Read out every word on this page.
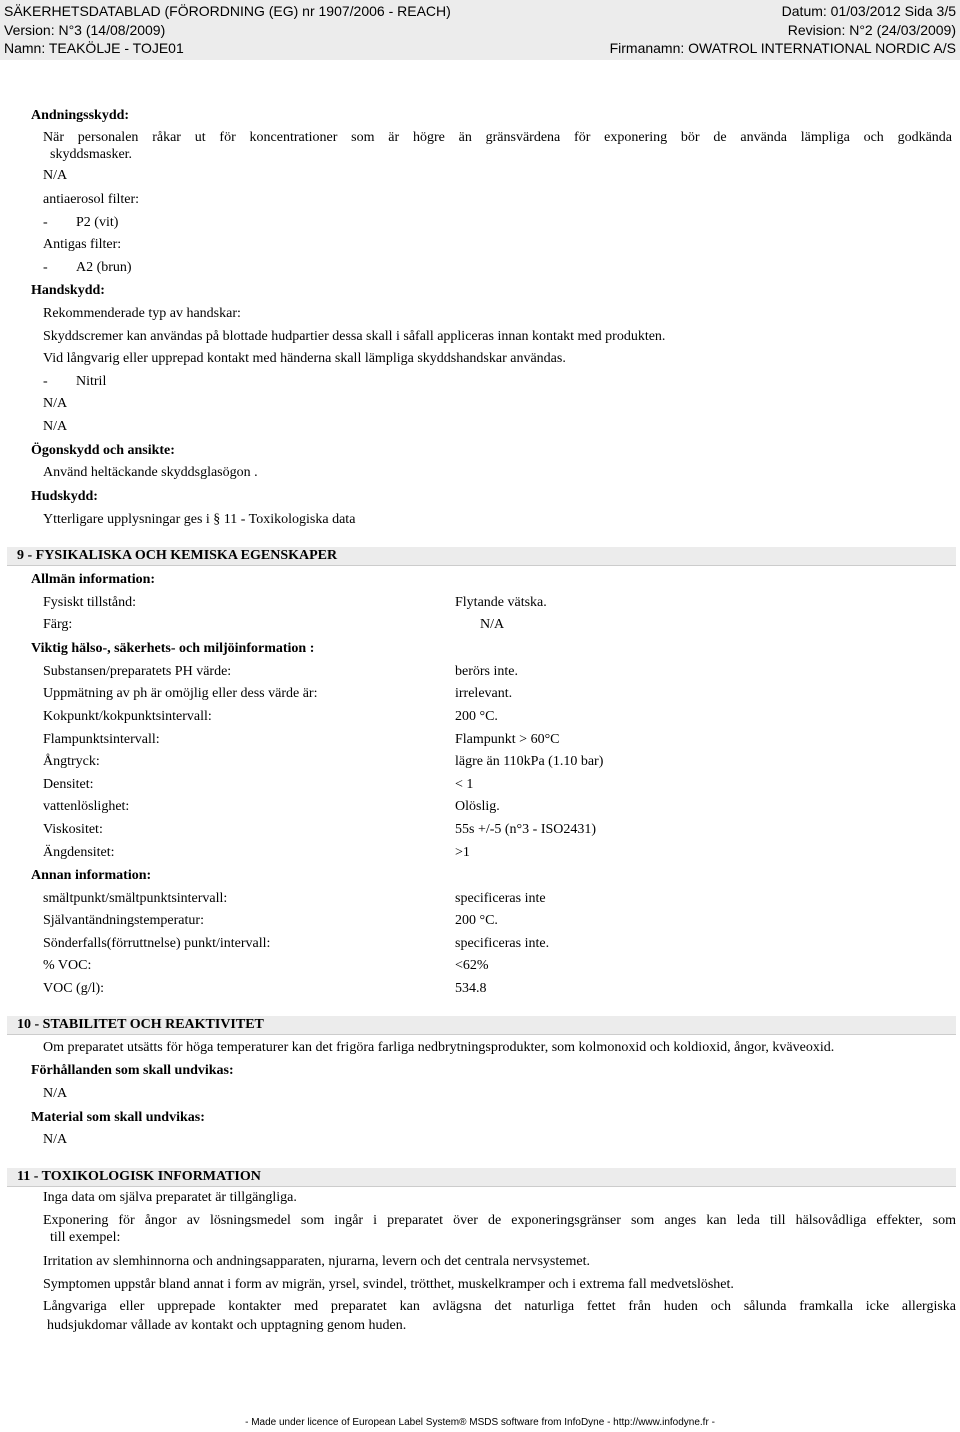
SÄKERHETSDATABLAD (FÖRORDNING (EG) nr 1907/2006 - REACH)	Datum: 01/03/2012 Sida 3/5
Version: N°3 (14/08/2009)	Revision: N°2 (24/03/2009)
Namn: TEAKÖLJE - TOJE01	Firmanamn: OWATROL INTERNATIONAL NORDIC A/S
Andningsskydd:
När personalen råkar ut för koncentrationer som är högre än gränsvärdena för exponering bör de använda lämpliga och godkända
skyddsmasker.
N/A
antiaerosol filter:
- P2 (vit)
Antigas filter:
- A2 (brun)
Handskydd:
Rekommenderade typ av handskar:
Skyddscremer kan användas på blottade hudpartier dessa skall i såfall appliceras innan kontakt med produkten.
Vid långvarig eller upprepad kontakt med händerna skall lämpliga skyddshandskar användas.
- Nitril
N/A
N/A
Ögonskydd och ansikte:
Använd heltäckande skyddsglasögon .
Hudskydd:
Ytterligare upplysningar ges i § 11 - Toxikologiska data
9 - FYSIKALISKA OCH KEMISKA EGENSKAPER
Allmän information:
Fysiskt tillstånd:	Flytande vätska.
Färg:	N/A
Viktig hälso-, säkerhets- och miljöinformation :
Substansen/preparatets PH värde:	berörs inte.
Uppmätning av ph är omöjlig eller dess värde är:	irrelevant.
Kokpunkt/kokpunktsintervall:	200 °C.
Flampunktsintervall:	Flampunkt > 60°C
Ångtryck:	lägre än 110kPa (1.10 bar)
Densitet:	< 1
vattenlöslighet:	Olöslig.
Viskositet:	55s +/-5 (n°3 - ISO2431)
Ängdensitet:	>1
Annan information:
smältpunkt/smältpunktsintervall:	specificeras inte
Självantändningstemperatur:	200 °C.
Sönderfalls(förruttnelse) punkt/intervall:	specificeras inte.
% VOC:	<62%
VOC (g/l):	534.8
10 - STABILITET OCH REAKTIVITET
Om preparatet utsätts för höga temperaturer kan det frigöra farliga nedbrytningsprodukter, som kolmonoxid och koldioxid, ångor, kväveoxid.
Förhållanden som skall undvikas:
N/A
Material som skall undvikas:
N/A
11 - TOXIKOLOGISK INFORMATION
Inga data om själva preparatet är tillgängliga.
Exponering för ångor av lösningsmedel som ingår i preparatet över de exponeringsgränser som anges kan leda till hälsovådliga effekter, som
till exempel:
Irritation av slemhinnorna och andningsapparaten, njurarna, levern och det centrala nervsystemet.
Symptomen uppstår bland annat i form av migrän, yrsel, svindel, trötthet, muskelkramper och i extrema fall medvetslöshet.
Långvariga eller upprepade kontakter med preparatet kan avlägsna det naturliga fettet från huden och sålunda framkalla icke allergiska
hudsjukdomar vållade av kontakt och upptagning genom huden.
- Made under licence of European Label System® MSDS software from InfoDyne - http://www.infodyne.fr -
